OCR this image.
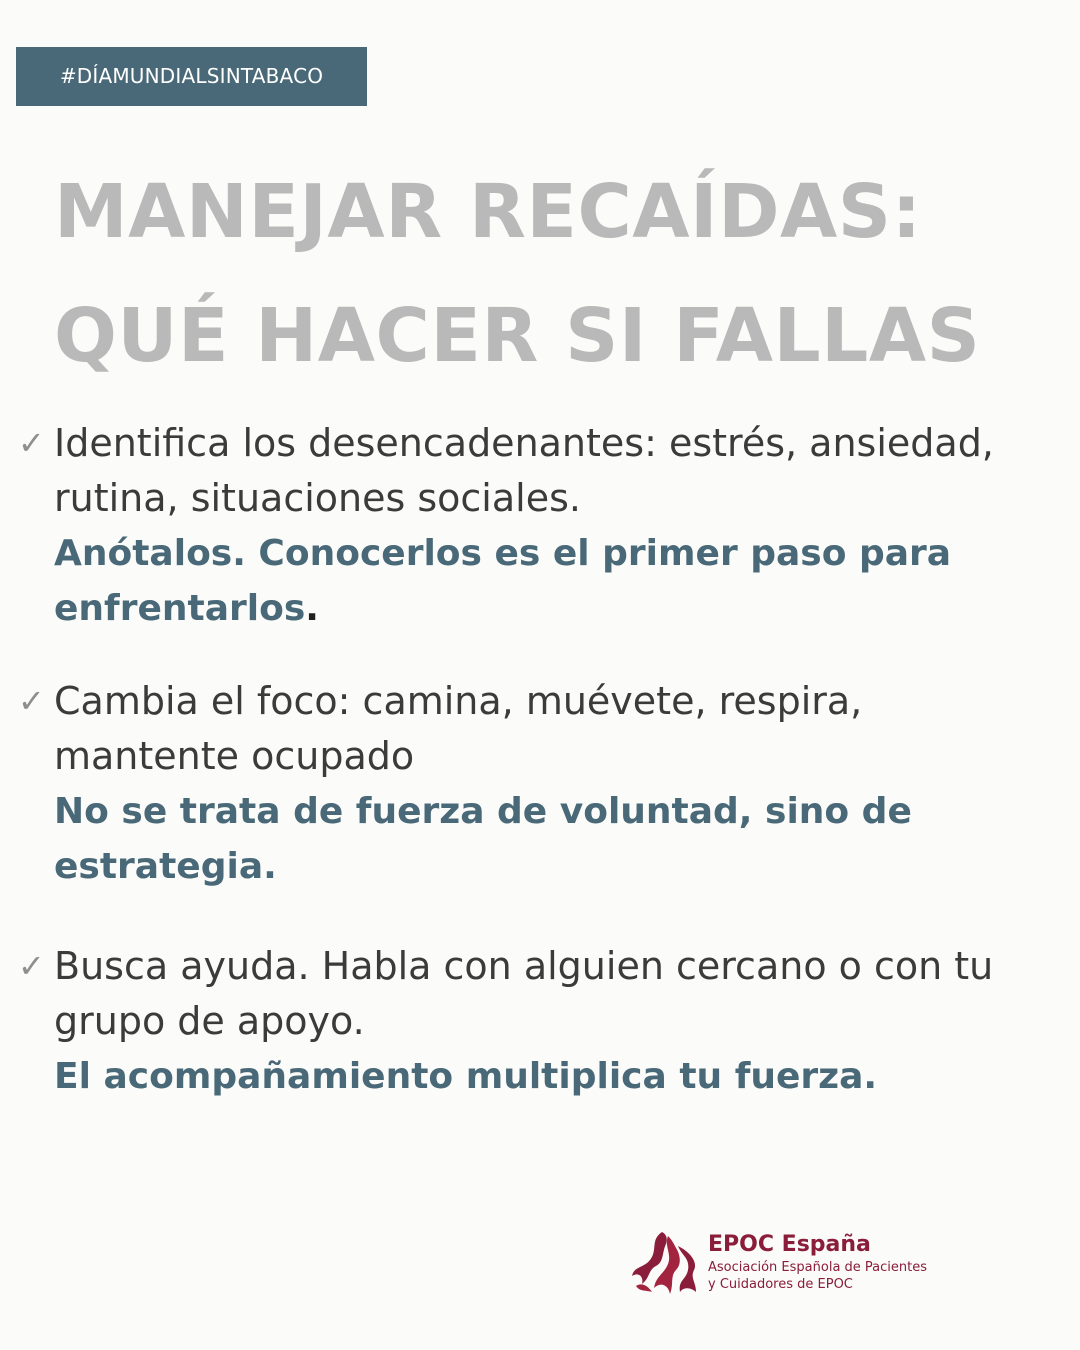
#DÍAMUNDIALSINTABACO
MANEJAR RECAÍDAS:
QUÉ HACER SI FALLAS
✓ Identifica los desencadenantes: estrés, ansiedad,

rutina, situaciones sociales.

Anótalos. Conocerlos es el primer paso para

enfrentarlos.

✓ Cambia el foco: camina, muévete, respira,

mantente ocupado

No se trata de fuerza de voluntad, sino de

estrategia.

✓ Busca ayuda. Habla con alguien cercano o con tu

grupo de apoyo.

El acompañamiento multiplica tu fuerza.

EPOC España
Asociación Española de Pacientes
y Cuidadores de EPOC
